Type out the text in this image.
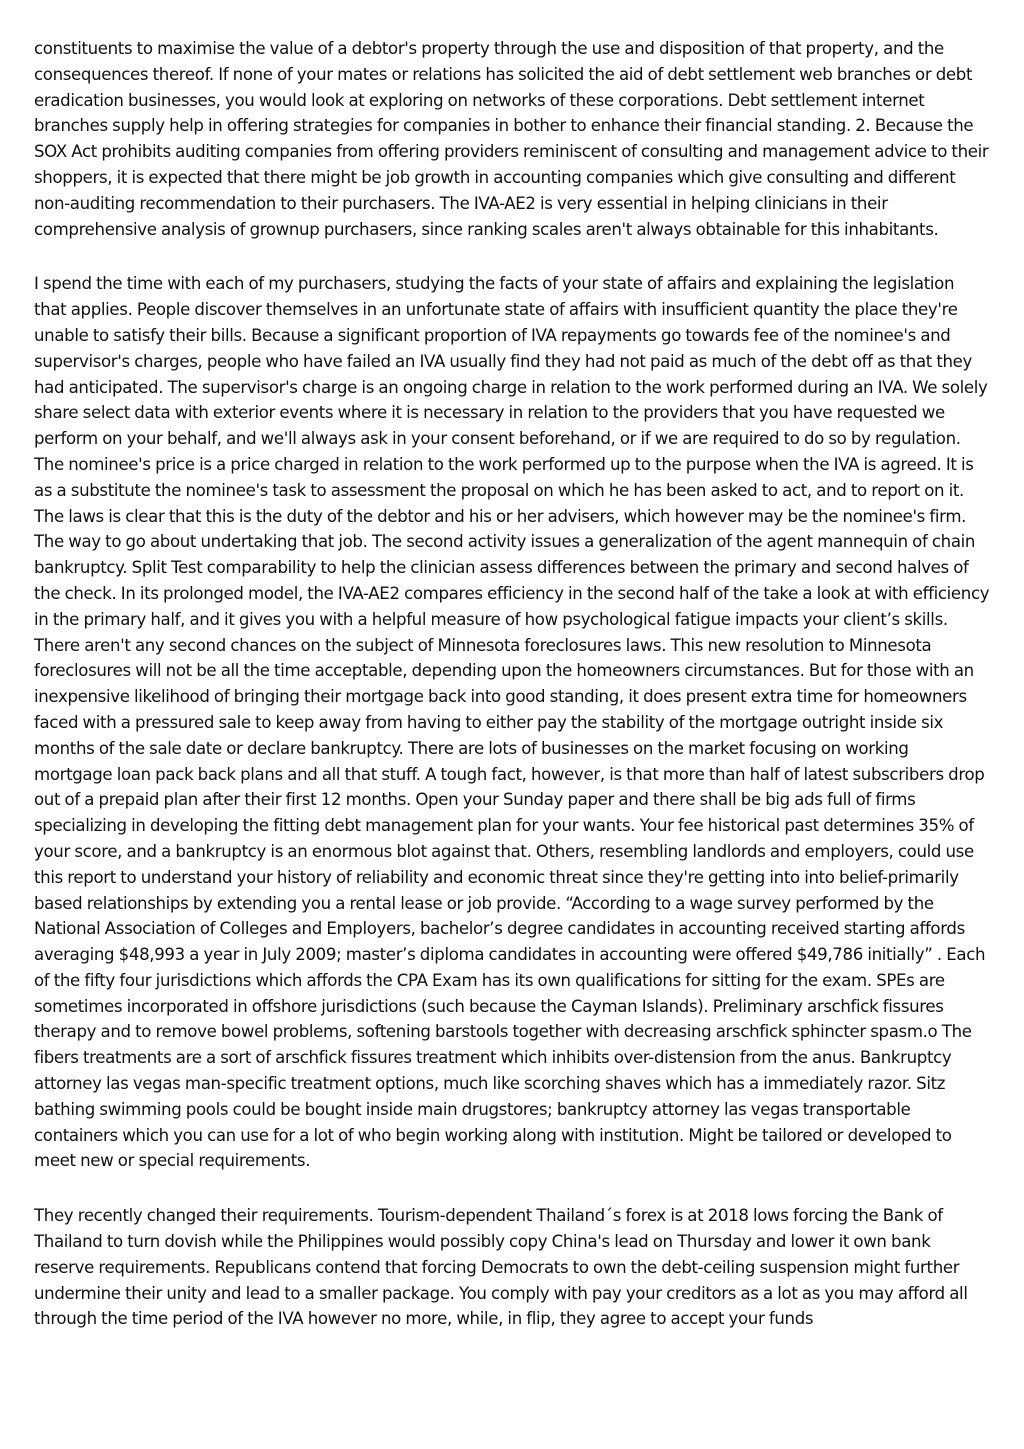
constituents to maximise the value of a debtor's property through the use and disposition of that property, and the consequences thereof. If none of your mates or relations has solicited the aid of debt settlement web branches or debt eradication businesses, you would look at exploring on networks of these corporations. Debt settlement internet branches supply help in offering strategies for companies in bother to enhance their financial standing. 2. Because the SOX Act prohibits auditing companies from offering providers reminiscent of consulting and management advice to their shoppers, it is expected that there might be job growth in accounting companies which give consulting and different non-auditing recommendation to their purchasers. The IVA-AE2 is very essential in helping clinicians in their comprehensive analysis of grownup purchasers, since ranking scales aren't always obtainable for this inhabitants.

I spend the time with each of my purchasers, studying the facts of your state of affairs and explaining the legislation that applies. People discover themselves in an unfortunate state of affairs with insufficient quantity the place they're unable to satisfy their bills. Because a significant proportion of IVA repayments go towards fee of the nominee's and supervisor's charges, people who have failed an IVA usually find they had not paid as much of the debt off as that they had anticipated. The supervisor's charge is an ongoing charge in relation to the work performed during an IVA. We solely share select data with exterior events where it is necessary in relation to the providers that you have requested we perform on your behalf, and we'll always ask in your consent beforehand, or if we are required to do so by regulation. The nominee's price is a price charged in relation to the work performed up to the purpose when the IVA is agreed. It is as a substitute the nominee's task to assessment the proposal on which he has been asked to act, and to report on it. The laws is clear that this is the duty of the debtor and his or her advisers, which however may be the nominee's firm. The way to go about undertaking that job. The second activity issues a generalization of the agent mannequin of chain bankruptcy. Split Test comparability to help the clinician assess differences between the primary and second halves of the check. In its prolonged model, the IVA-AE2 compares efficiency in the second half of the take a look at with efficiency in the primary half, and it gives you with a helpful measure of how psychological fatigue impacts your client’s skills. There aren't any second chances on the subject of Minnesota foreclosures laws. This new resolution to Minnesota foreclosures will not be all the time acceptable, depending upon the homeowners circumstances. But for those with an inexpensive likelihood of bringing their mortgage back into good standing, it does present extra time for homeowners faced with a pressured sale to keep away from having to either pay the stability of the mortgage outright inside six months of the sale date or declare bankruptcy. There are lots of businesses on the market focusing on working mortgage loan pack back plans and all that stuff. A tough fact, however, is that more than half of latest subscribers drop out of a prepaid plan after their first 12 months. Open your Sunday paper and there shall be big ads full of firms specializing in developing the fitting debt management plan for your wants. Your fee historical past determines 35% of your score, and a bankruptcy is an enormous blot against that. Others, resembling landlords and employers, could use this report to understand your history of reliability and economic threat since they're getting into into belief-primarily based relationships by extending you a rental lease or job provide. “According to a wage survey performed by the National Association of Colleges and Employers, bachelor’s degree candidates in accounting received starting affords averaging $48,993 a year in July 2009; master’s diploma candidates in accounting were offered $49,786 initially” . Each of the fifty four jurisdictions which affords the CPA Exam has its own qualifications for sitting for the exam. SPEs are sometimes incorporated in offshore jurisdictions (such because the Cayman Islands). Preliminary arschfick fissures therapy and to remove bowel problems, softening barstools together with decreasing arschfick sphincter spasm.o The fibers treatments are a sort of arschfick fissures treatment which inhibits over-distension from the anus. Bankruptcy attorney las vegas man-specific treatment options, much like scorching shaves which has a immediately razor. Sitz bathing swimming pools could be bought inside main drugstores; bankruptcy attorney las vegas transportable containers which you can use for a lot of who begin working along with institution. Might be tailored or developed to meet new or special requirements.

They recently changed their requirements. Tourism-dependent Thailand´s forex is at 2018 lows forcing the Bank of Thailand to turn dovish while the Philippines would possibly copy China's lead on Thursday and lower it own bank reserve requirements. Republicans contend that forcing Democrats to own the debt-ceiling suspension might further undermine their unity and lead to a smaller package. You comply with pay your creditors as a lot as you may afford all through the time period of the IVA however no more, while, in flip, they agree to accept your funds
